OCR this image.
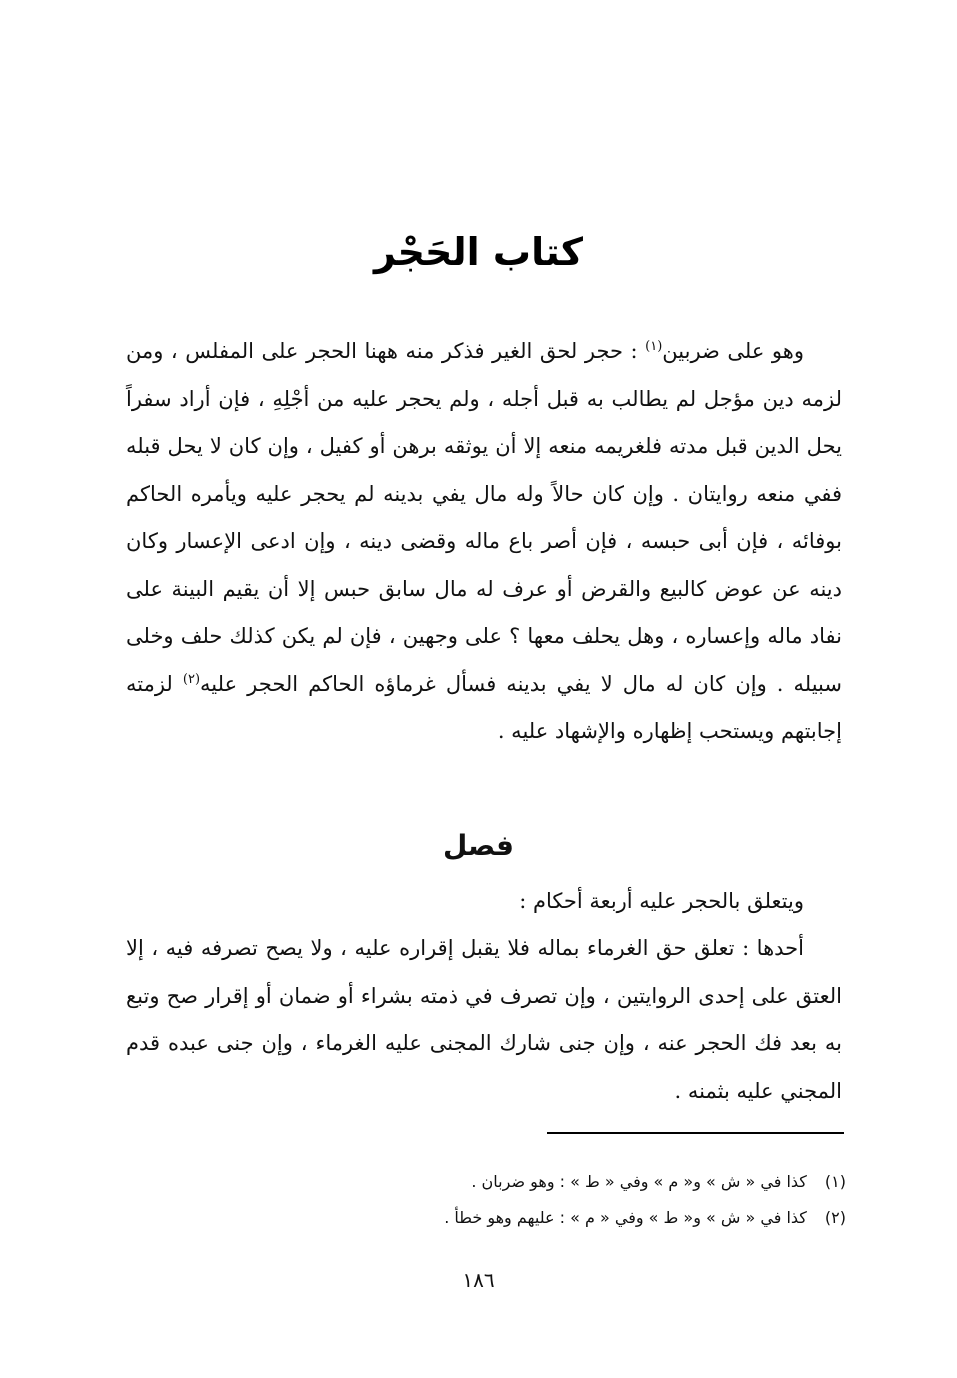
كتاب الحَجْر

وهو على ضربين$^{(١)}$ : حجر لحق الغير فذكر منه ههنا الحجر على المفلس ، ومن لزمه دين مؤجل لم يطالب به قبل أجله ، ولم يحجر عليه من أجْلِهِ ، فإن أراد سفراً يحل الدين قبل مدته فلغريمه منعه إلا أن يوثقه برهن أو كفيل ، وإن كان لا يحل قبله ففي منعه روايتان . وإن كان حالاً وله مال يفي بدينه لم يحجر عليه ويأمره الحاكم بوفائه ، فإن أبى حبسه ، فإن أصر باع ماله وقضى دينه ، وإن ادعى الإعسار وكان دينه عن عوض كالبيع والقرض أو عرف له مال سابق حبس إلا أن يقيم البينة على نفاد ماله وإعساره ، وهل يحلف معها ؟ على وجهين ، فإن لم يكن كذلك حلف وخلى سبيله . وإن كان له مال لا يفي بدينه فسأل غرماؤه الحاكم الحجر عليه$^{(٢)}$ لزمته إجابتهم ويستحب إظهاره والإشهاد عليه .

فصل

ويتعلق بالحجر عليه أربعة أحكام :

أحدها : تعلق حق الغرماء بماله فلا يقبل إقراره عليه ، ولا يصح تصرفه فيه ، إلا العتق على إحدى الروايتين ، وإن تصرف في ذمته بشراء أو ضمان أو إقرار صح وتبع به بعد فك الحجر عنه ، وإن جنى شارك المجنى عليه الغرماء ، وإن جنى عبده قدم المجني عليه بثمنه .

(١)كذا في « ش » و« م » وفي « ط » : وهو ضربان .
(٢)كذا في « ش » و« ط » وفي « م » : عليهم وهو خطأ .
١٨٦
